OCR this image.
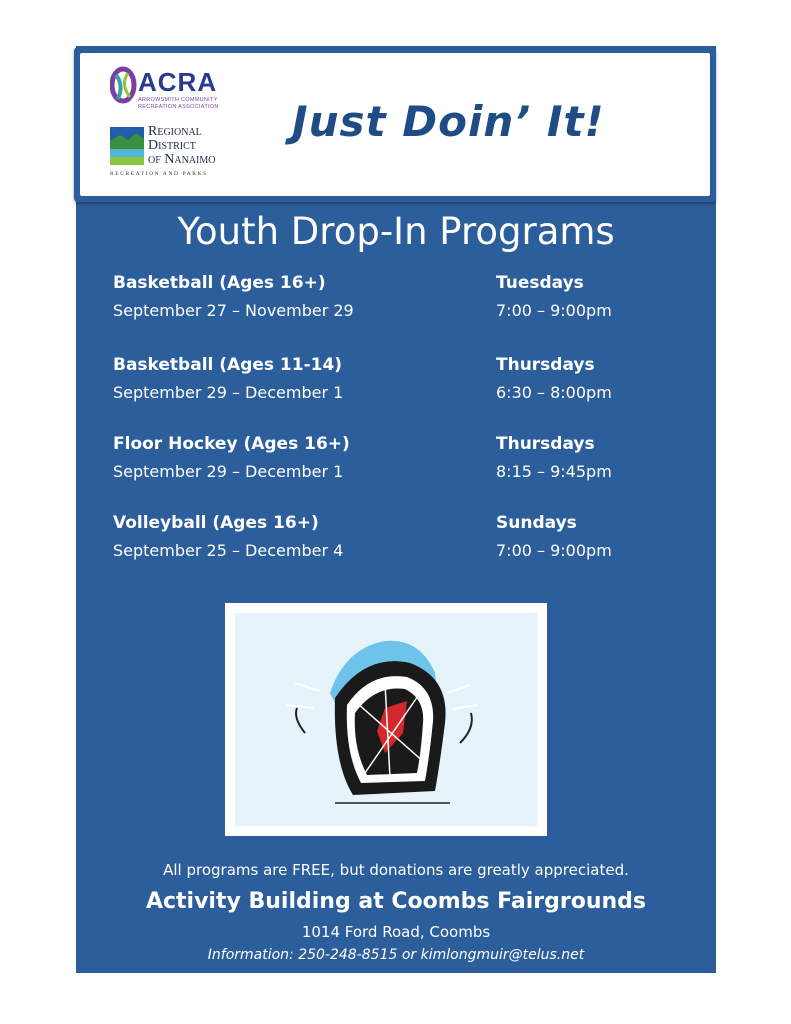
ACRA
ARROWSMITH COMMUNITY RECREATION ASSOCIATION
Regional
District
of Nanaimo
RECREATION AND PARKS
Just Doin’ It!
Youth Drop-In Programs
Basketball (Ages 16+)
September 27 – November 29
Tuesdays
7:00 – 9:00pm
Basketball (Ages 11-14)
September 29 – December 1
Thursdays
6:30 – 8:00pm
Floor Hockey (Ages 16+)
September 29 – December 1
Thursdays
8:15 – 9:45pm
Volleyball (Ages 16+)
September 25 – December 4
Sundays
7:00 – 9:00pm
All programs are FREE, but donations are greatly appreciated.
Activity Building at Coombs Fairgrounds
1014 Ford Road, Coombs
Information: 250-248-8515 or kimlongmuir@telus.net
